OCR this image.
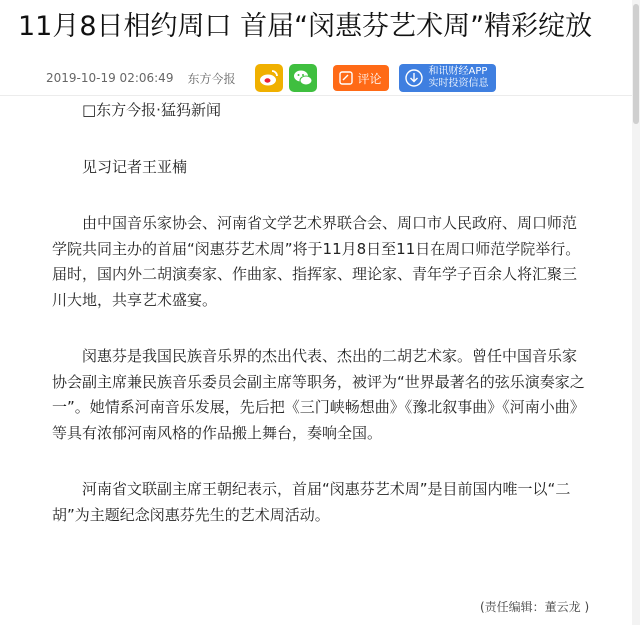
11月8日相约周口 首届“闵惠芬艺术周”精彩绽放
2019-10-19 02:06:49 东方今报	评论	和讯财经APP
实时投资信息

□东方今报·猛犸新闻

见习记者王亚楠

由中国音乐家协会、河南省文学艺术界联合会、周口市人民政府、周口师范学院共同主办的首届“闵惠芬艺术周”将于11月8日至11日在周口师范学院举行。届时，国内外二胡演奏家、作曲家、指挥家、理论家、青年学子百余人将汇聚三川大地，共享艺术盛宴。

闵惠芬是我国民族音乐界的杰出代表、杰出的二胡艺术家。曾任中国音乐家协会副主席兼民族音乐委员会副主席等职务，被评为“世界最著名的弦乐演奏家之一”。她情系河南音乐发展，先后把《三门峡畅想曲》《豫北叙事曲》《河南小曲》等具有浓郁河南风格的作品搬上舞台，奏响全国。

河南省文联副主席王朝纪表示，首届“闵惠芬艺术周”是目前国内唯一以“二胡”为主题纪念闵惠芬先生的艺术周活动。

(责任编辑：董云龙 )
